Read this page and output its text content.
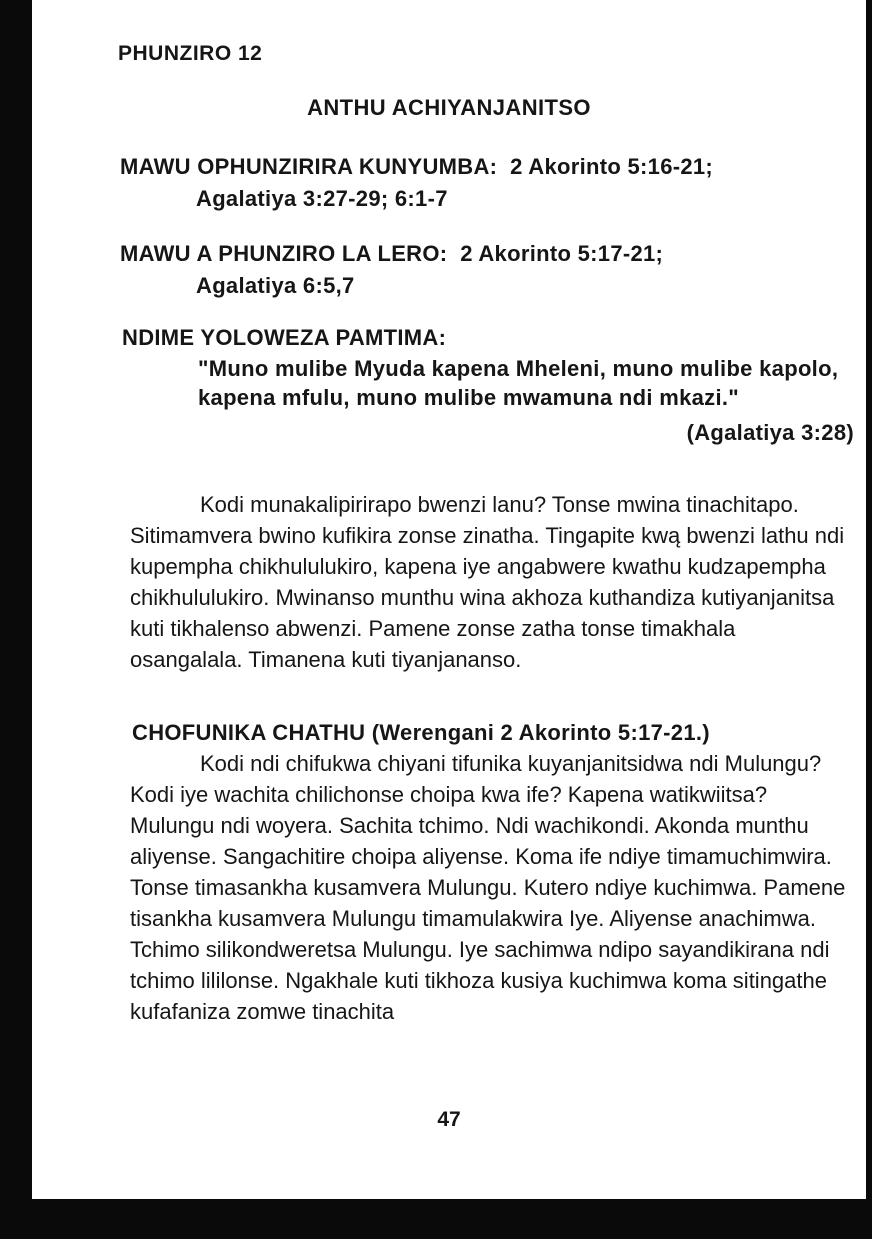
PHUNZIRO 12
ANTHU ACHIYANJANITSO
MAWU OPHUNZIRIRA KUNYUMBA: 2 Akorinto 5:16-21;
Agalatiya 3:27-29; 6:1-7
MAWU A PHUNZIRO LA LERO: 2 Akorinto 5:17-21;
Agalatiya 6:5,7
NDIME YOLOWEZA PAMTIMA:
"Muno mulibe Myuda kapena Mheleni, muno mulibe kapolo, kapena mfulu, muno mulibe mwamuna ndi mkazi."
(Agalatiya 3:28)

Kodi munakalipirirapo bwenzi lanu? Tonse mwina tinachitapo. Sitimamvera bwino kufikira zonse zinatha. Tingapite kwą bwenzi lathu ndi kupempha chikhululukiro, kapena iye angabwere kwathu kudzapempha chikhululukiro. Mwinanso munthu wina akhoza kuthandiza kutiyanjanitsa kuti tikhalenso abwenzi. Pamene zonse zatha tonse timakhala osangalala. Timanena kuti tiyanjananso.

CHOFUNIKA CHATHU (Werengani 2 Akorinto 5:17-21.)

Kodi ndi chifukwa chiyani tifunika kuyanjanitsidwa ndi Mulungu? Kodi iye wachita chilichonse choipa kwa ife? Kapena watikwiitsa? Mulungu ndi woyera. Sachita tchimo. Ndi wachikondi. Akonda munthu aliyense. Sangachitire choipa aliyense. Koma ife ndiye timamuchimwira. Tonse timasankha kusamvera Mulungu. Kutero ndiye kuchimwa. Pamene tisankha kusamvera Mulungu timamulakwira Iye. Aliyense anachimwa. Tchimo silikondweretsa Mulungu. Iye sachimwa ndipo sayandikirana ndi tchimo lililonse. Ngakhale kuti tikhoza kusiya kuchimwa koma sitingathe kufafaniza zomwe tinachita

47
